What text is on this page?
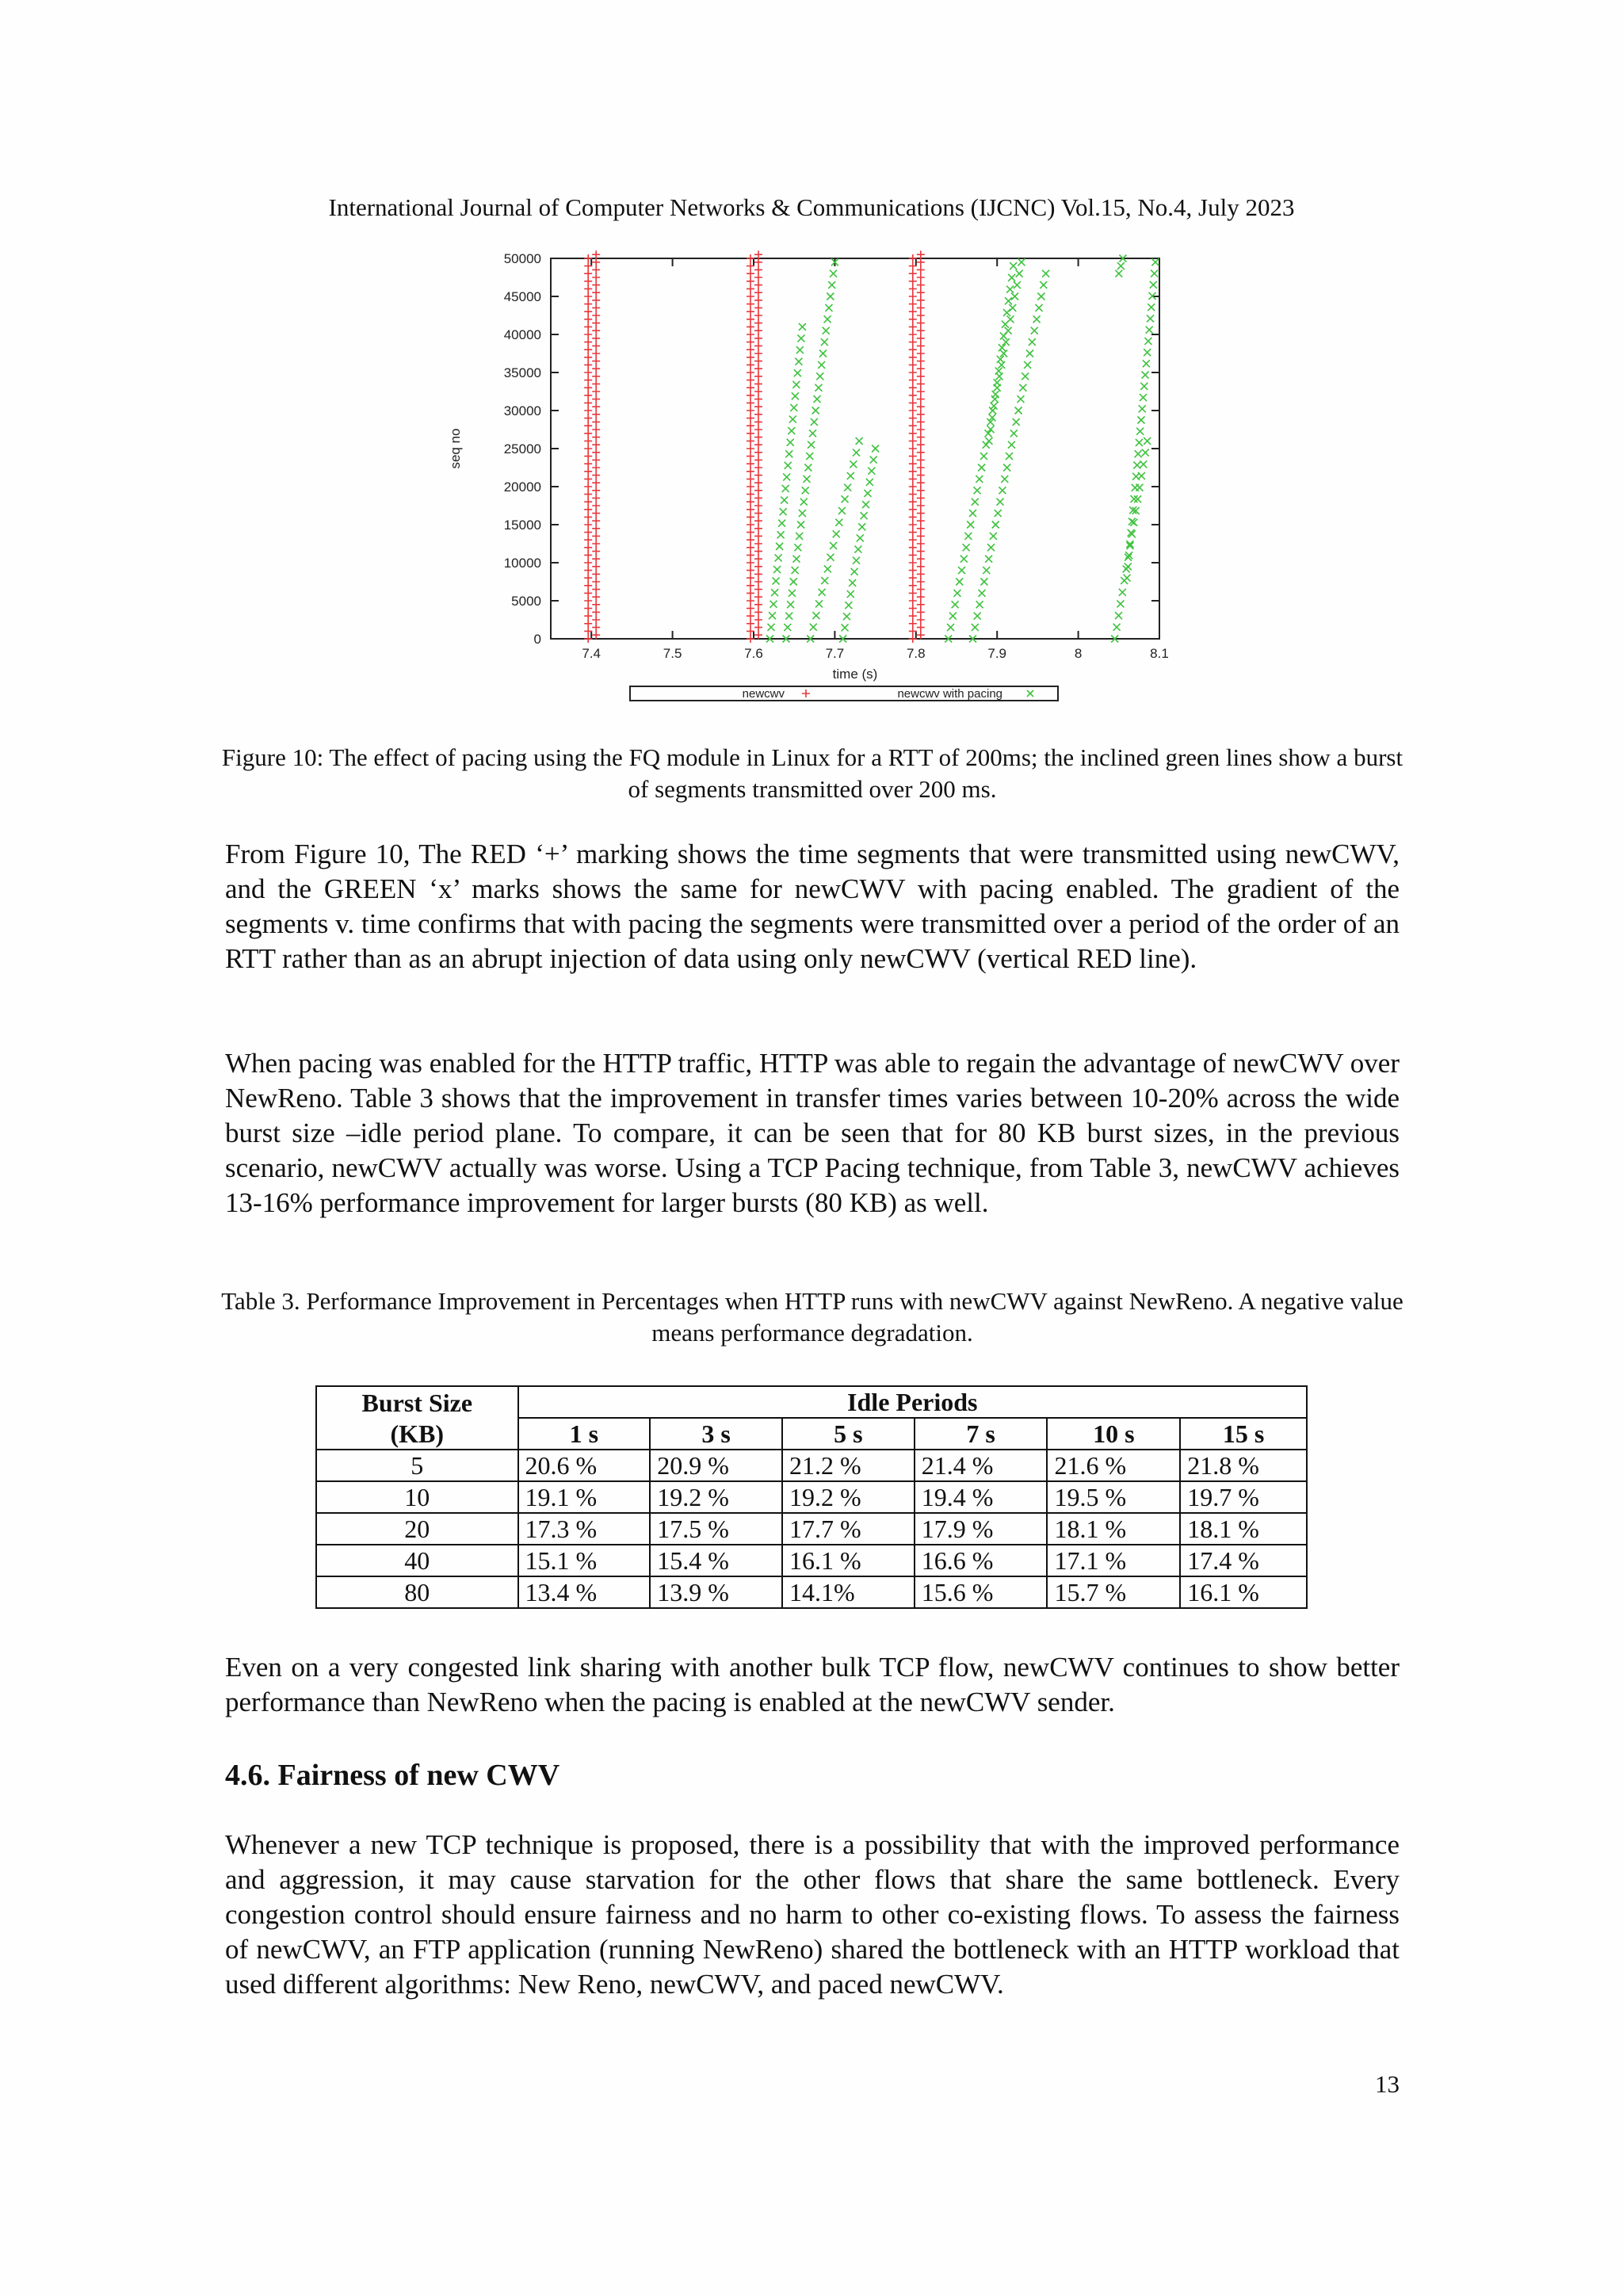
International Journal of Computer Networks & Communications (IJCNC) Vol.15, No.4, July 2023
0
5000
10000
15000
20000
25000
30000
35000
40000
45000
50000
7.4	7.5	7.6	7.7	7.8	7.9	8	8.1
time (s)
seq no
newcwv	newcwv with pacing
Figure 10: The effect of pacing using the FQ module in Linux for a RTT of 200ms; the inclined green lines show a burst of segments transmitted over 200 ms.
From Figure 10, The RED ‘+’ marking shows the time segments that were transmitted using newCWV, and the GREEN ‘x’ marks shows the same for newCWV with pacing enabled. The gradient of the segments v. time confirms that with pacing the segments were transmitted over a period of the order of an RTT rather than as an abrupt injection of data using only newCWV (vertical RED line).
When pacing was enabled for the HTTP traffic, HTTP was able to regain the advantage of newCWV over NewReno. Table 3 shows that the improvement in transfer times varies between 10-20% across the wide burst size –idle period plane. To compare, it can be seen that for 80 KB burst sizes, in the previous scenario, newCWV actually was worse. Using a TCP Pacing technique, from Table 3, newCWV achieves 13-16% performance improvement for larger bursts (80 KB) as well.
Table 3. Performance Improvement in Percentages when HTTP runs with newCWV against NewReno. A negative value means performance degradation.
Burst Size	Idle Periods					
(KB)	1 s	3 s	5 s	7 s	10 s	15 s
5	20.6 %	20.9 %	21.2 %	21.4 %	21.6 %	21.8 %
10	19.1 %	19.2 %	19.2 %	19.4 %	19.5 %	19.7 %
20	17.3 %	17.5 %	17.7 %	17.9 %	18.1 %	18.1 %
40	15.1 %	15.4 %	16.1 %	16.6 %	17.1 %	17.4 %
80	13.4 %	13.9 %	14.1%	15.6 %	15.7 %	16.1 %
Even on a very congested link sharing with another bulk TCP flow, newCWV continues to show better performance than NewReno when the pacing is enabled at the newCWV sender.
4.6. Fairness of new CWV
Whenever a new TCP technique is proposed, there is a possibility that with the improved performance and aggression, it may cause starvation for the other flows that share the same bottleneck. Every congestion control should ensure fairness and no harm to other co-existing flows. To assess the fairness of newCWV, an FTP application (running NewReno) shared the bottleneck with an HTTP workload that used different algorithms: New Reno, newCWV, and paced newCWV.
13
